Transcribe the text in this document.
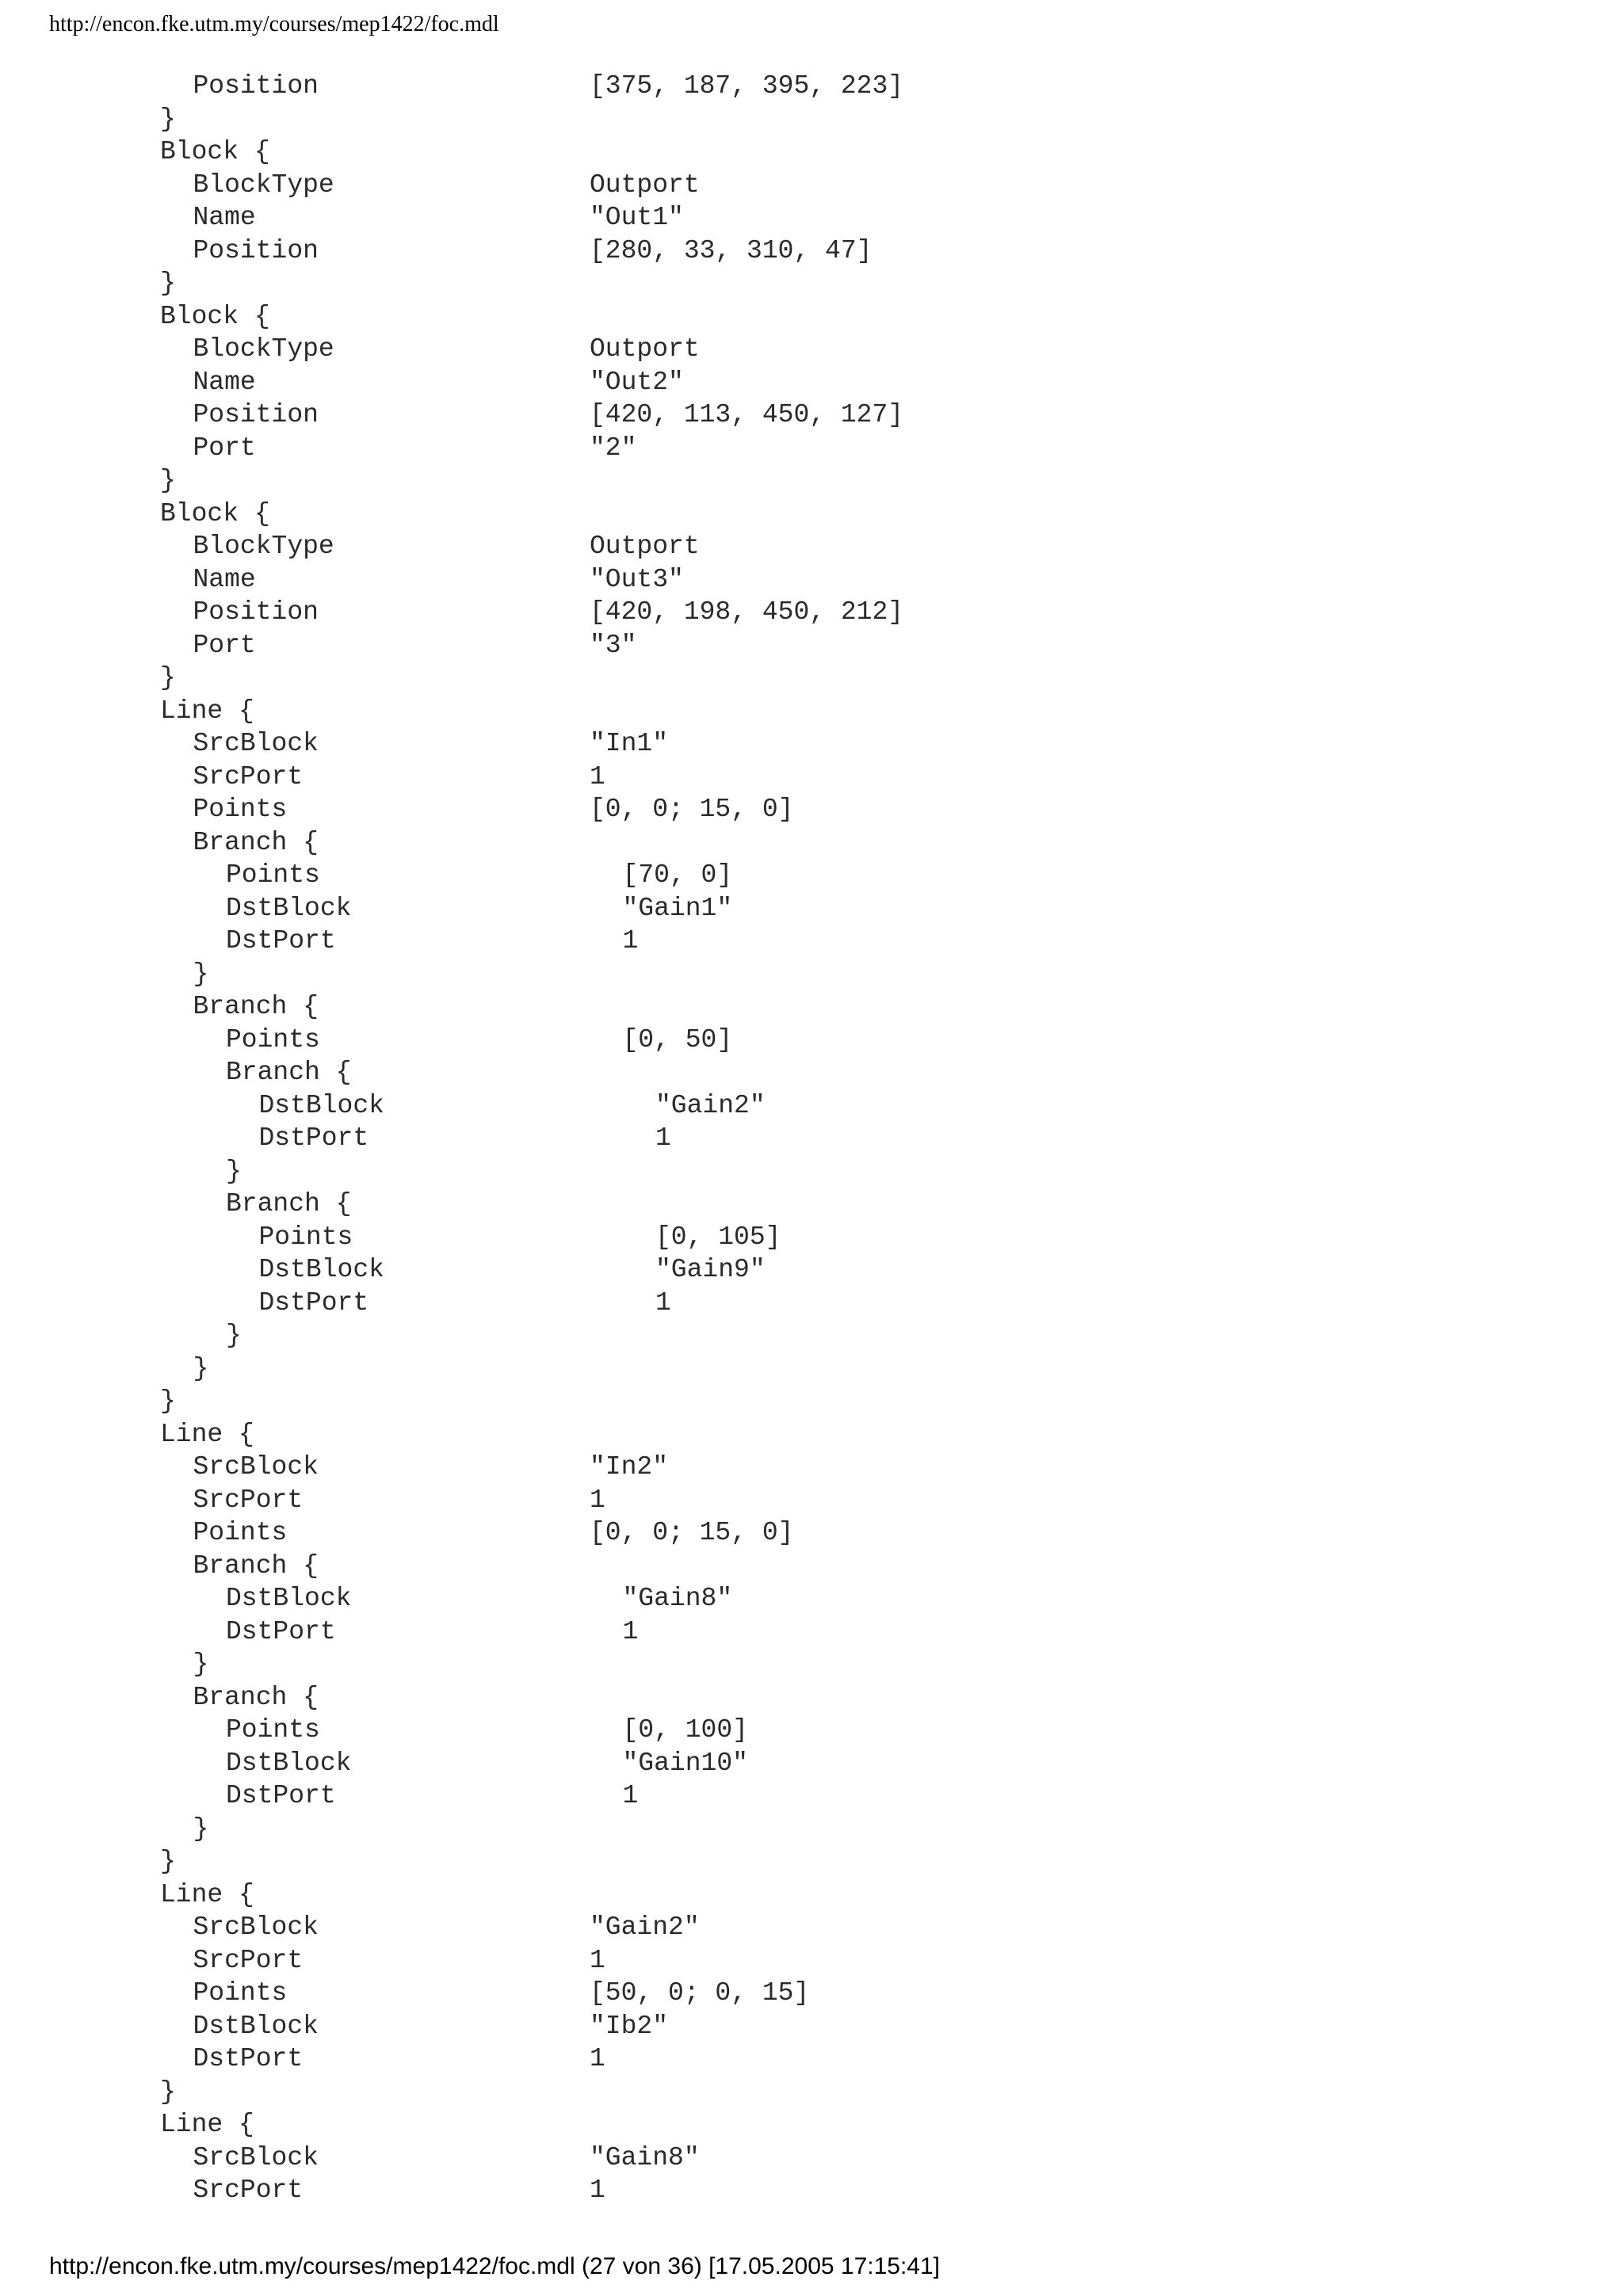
http://encon.fke.utm.my/courses/mep1422/foc.mdl
Position	[375, 187, 395, 223]
}
Block {
BlockType	Outport
Name	"Out1"
Position	[280, 33, 310, 47]
}
Block {
BlockType	Outport
Name	"Out2"
Position	[420, 113, 450, 127]
Port	"2"
}
Block {
BlockType	Outport
Name	"Out3"
Position	[420, 198, 450, 212]
Port	"3"
}
Line {
SrcBlock	"In1"
SrcPort	1
Points	[0, 0; 15, 0]
Branch {
Points	[70, 0]
DstBlock	"Gain1"
DstPort	1
}
Branch {
Points	[0, 50]
Branch {
DstBlock	"Gain2"
DstPort	1
}
Branch {
Points	[0, 105]
DstBlock	"Gain9"
DstPort	1
}
}
}
Line {
SrcBlock	"In2"
SrcPort	1
Points	[0, 0; 15, 0]
Branch {
DstBlock	"Gain8"
DstPort	1
}
Branch {
Points	[0, 100]
DstBlock	"Gain10"
DstPort	1
}
}
Line {
SrcBlock	"Gain2"
SrcPort	1
Points	[50, 0; 0, 15]
DstBlock	"Ib2"
DstPort	1
}
Line {
SrcBlock	"Gain8"
SrcPort	1
http://encon.fke.utm.my/courses/mep1422/foc.mdl (27 von 36) [17.05.2005 17:15:41]
